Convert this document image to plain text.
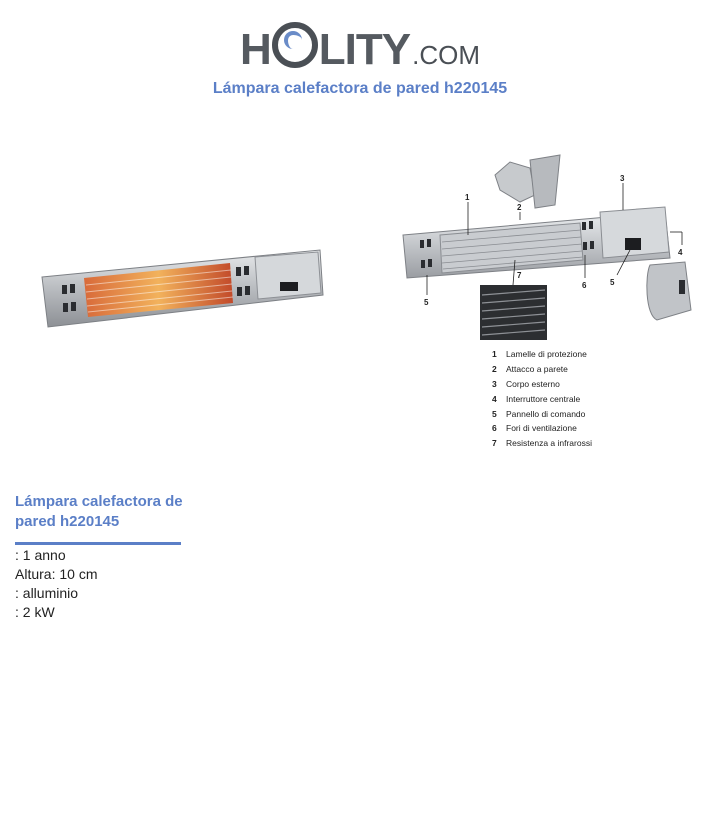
H LITY .COM
Lámpara calefactora de pared h220145
1
2
3
4
5
6
7
5
1	Lamelle di protezione
2	Attacco a parete
3	Corpo esterno
4	Interruttore centrale
5	Pannello di comando
6	Fori di ventilazione
7	Resistenza a infrarossi
Lámpara calefactora de pared h220145
: 1 anno
Altura: 10 cm
: alluminio
: 2 kW
